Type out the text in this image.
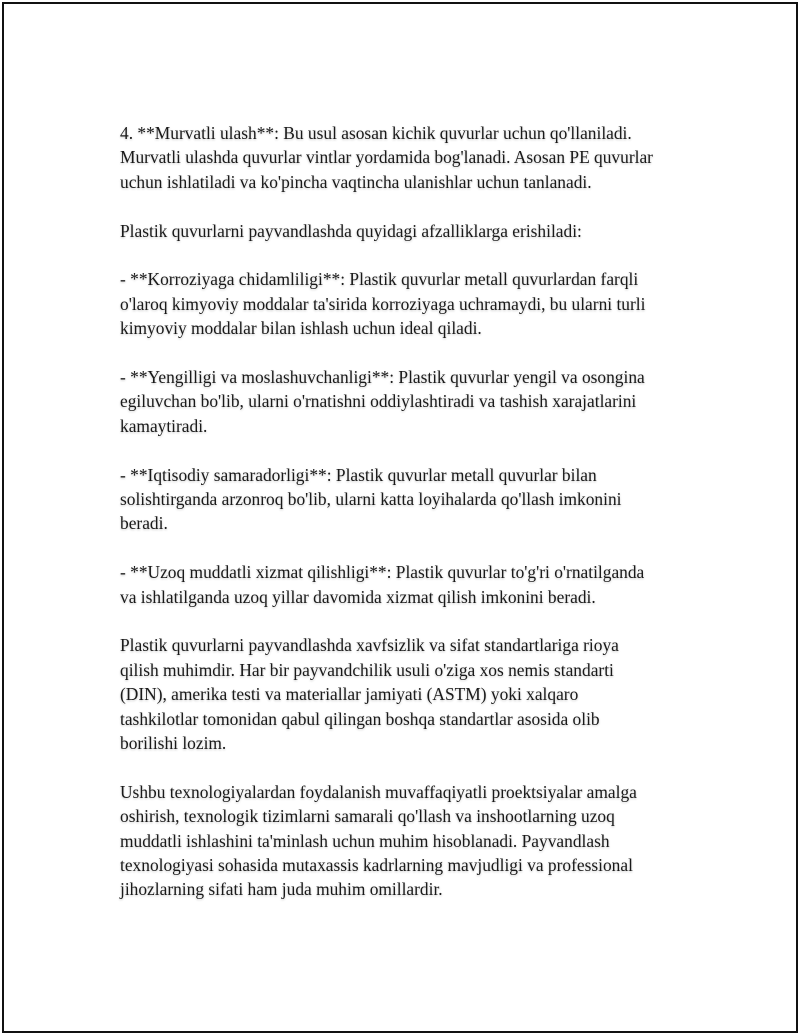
4. **Murvatli ulash**: Bu usul asosan kichik quvurlar uchun qo'llaniladi.
Murvatli ulashda quvurlar vintlar yordamida bog'lanadi. Asosan PE quvurlar
uchun ishlatiladi va ko'pincha vaqtincha ulanishlar uchun tanlanadi.

Plastik quvurlarni payvandlashda quyidagi afzalliklarga erishiladi:

- **Korroziyaga chidamliligi**: Plastik quvurlar metall quvurlardan farqli
o'laroq kimyoviy moddalar ta'sirida korroziyaga uchramaydi, bu ularni turli
kimyoviy moddalar bilan ishlash uchun ideal qiladi.

- **Yengilligi va moslashuvchanligi**: Plastik quvurlar yengil va osongina
egiluvchan bo'lib, ularni o'rnatishni oddiylashtiradi va tashish xarajatlarini
kamaytiradi.

- **Iqtisodiy samaradorligi**: Plastik quvurlar metall quvurlar bilan
solishtirganda arzonroq bo'lib, ularni katta loyihalarda qo'llash imkonini
beradi.

- **Uzoq muddatli xizmat qilishligi**: Plastik quvurlar to'g'ri o'rnatilganda
va ishlatilganda uzoq yillar davomida xizmat qilish imkonini beradi.

Plastik quvurlarni payvandlashda xavfsizlik va sifat standartlariga rioya
qilish muhimdir. Har bir payvandchilik usuli o'ziga xos nemis standarti
(DIN), amerika testi va materiallar jamiyati (ASTM) yoki xalqaro
tashkilotlar tomonidan qabul qilingan boshqa standartlar asosida olib
borilishi lozim.

Ushbu texnologiyalardan foydalanish muvaffaqiyatli proektsiyalar amalga
oshirish, texnologik tizimlarni samarali qo'llash va inshootlarning uzoq
muddatli ishlashini ta'minlash uchun muhim hisoblanadi. Payvandlash
texnologiyasi sohasida mutaxassis kadrlarning mavjudligi va professional
jihozlarning sifati ham juda muhim omillardir.
